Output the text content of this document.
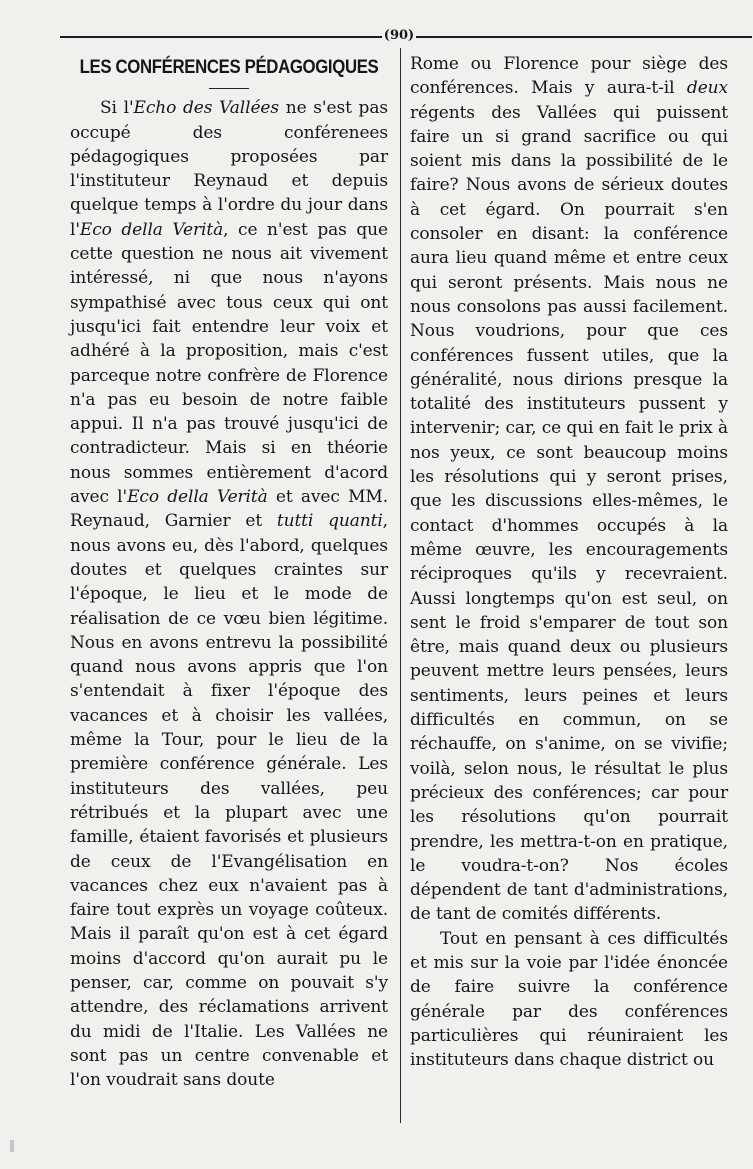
(90)
LES CONFÉRENCES PÉDAGOGIQUES

Si l'Echo des Vallées ne s'est pas occupé des conférenees pédagogiques proposées par l'instituteur Reynaud et depuis quelque temps à l'ordre du jour dans l'Eco della Verità, ce n'est pas que cette question ne nous ait vivement intéressé, ni que nous n'ayons sympathisé avec tous ceux qui ont jusqu'ici fait entendre leur voix et adhéré à la proposition, mais c'est parceque notre confrère de Florence n'a pas eu besoin de notre faible appui. Il n'a pas trouvé jusqu'ici de contradicteur. Mais si en théorie nous sommes entièrement d'acord avec l'Eco della Verità et avec MM. Reynaud, Garnier et tutti quanti, nous avons eu, dès l'abord, quelques doutes et quelques craintes sur l'époque, le lieu et le mode de réalisation de ce vœu bien légitime. Nous en avons entrevu la possibilité quand nous avons appris que l'on s'entendait à fixer l'époque des vacances et à choisir les vallées, même la Tour, pour le lieu de la première conférence générale. Les instituteurs des vallées, peu rétribués et la plupart avec une famille, étaient favorisés et plusieurs de ceux de l'Evangélisation en vacances chez eux n'avaient pas à faire tout exprès un voyage coûteux. Mais il paraît qu'on est à cet égard moins d'accord qu'on aurait pu le penser, car, comme on pouvait s'y attendre, des réclamations arrivent du midi de l'Italie. Les Vallées ne sont pas un centre convenable et l'on voudrait sans doute

Rome ou Florence pour siège des conférences. Mais y aura-t-il deux régents des Vallées qui puissent faire un si grand sacrifice ou qui soient mis dans la possibilité de le faire? Nous avons de sérieux doutes à cet égard. On pourrait s'en consoler en disant: la conférence aura lieu quand même et entre ceux qui seront présents. Mais nous ne nous consolons pas aussi facilement. Nous voudrions, pour que ces conférences fussent utiles, que la généralité, nous dirions presque la totalité des instituteurs pussent y intervenir; car, ce qui en fait le prix à nos yeux, ce sont beaucoup moins les résolutions qui y seront prises, que les discussions elles-mêmes, le contact d'hommes occupés à la même œuvre, les encouragements réciproques qu'ils y recevraient. Aussi longtemps qu'on est seul, on sent le froid s'emparer de tout son être, mais quand deux ou plusieurs peuvent mettre leurs pensées, leurs sentiments, leurs peines et leurs difficultés en commun, on se réchauffe, on s'anime, on se vivifie; voilà, selon nous, le résultat le plus précieux des conférences; car pour les résolutions qu'on pourrait prendre, les mettra-t-on en pratique, le voudra-t-on? Nos écoles dépendent de tant d'administrations, de tant de comités différents.

Tout en pensant à ces difficultés et mis sur la voie par l'idée énoncée de faire suivre la conférence générale par des conférences particulières qui réuniraient les instituteurs dans chaque district ou
